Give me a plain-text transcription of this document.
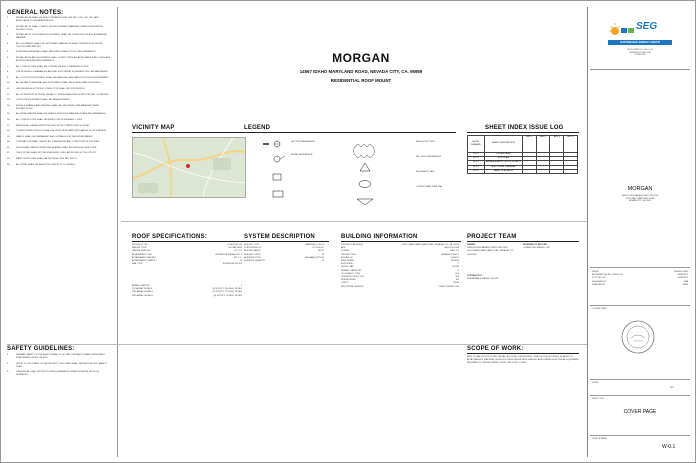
GENERAL NOTES:
1.	INSTALLATION SHALL BE IN ACCORDANCE WITH THE NEC, CEC, IRC, IBC, AND APPLICABLE LOCAL AMENDMENTS.
2.	INSTALLATION SHALL COMPLY WITH EQUIPMENT MANUFACTURER INSTALLATION INSTRUCTIONS.
3.	INSTALLATION OF EXTERIOR EQUIPMENT SHALL BE COMPLETED IN A WORKMANLIKE MANNER.
4.	ALL EQUIPMENT SHALL BE LISTED AND LABELED BY A RECOGNIZED ELECTRICAL TESTING LABORATORY.
5.	WORK AND MATERIALS SHALL MEET APPLICABLE UTILITY REQUIREMENTS.
6.	INSTALLATION AND EQUIPMENT SHALL COMPLY WITH ALL APPLICABLE FIRE CODES AND ACCESS PATHWAY REQUIREMENTS.
7.	ALL CONDUCTORS SHALL BE COPPER UNLESS OTHERWISE NOTED.
8.	THE WORKING CLEARANCES AROUND ELECTRICAL EQUIPMENT WILL BE MAINTAINED.
9.	ALL OUTDOOR EQUIPMENT SHALL BE RAINTIGHT AND RATED FOR THE ENVIRONMENT.
10.	ALL METALLIC RACEWAY AND EQUIPMENT SHALL BE BONDED AND GROUNDED.
11.	GROUNDING ELECTRODE CONDUCTOR SHALL BE CONTINUOUS.
12.	ALL EXTERIOR ELECTRICAL METALLIC TUBING SHALL BE LISTED FOR WET LOCATIONS.
13.	OUTDOOR EQUIPMENT SHALL BE NEMA 3R RATED.
14.	MODULE FRAMES AND RACKING SHALL BE GROUNDED PER MANUFACTURER INSTRUCTIONS.
15.	ALL ATTACHMENTS SHALL BE SEALED PER ROOF MANUFACTURER REQUIREMENTS.
16.	ALL CONDUCTORS SHALL BE RATED FOR 90 DEGREES C WET.
17.	REMOVE ALL DEBRIS FROM THE SITE UPON COMPLETION OF WORK.
18.	CONDUIT RUNS ON ROOF SHALL BE SUPPORTED AND KEPT ABOVE ROOF SURFACE.
19.	LABELS SHALL BE PERMANENT AND SUITABLE FOR THE ENVIRONMENT.
20.	CONTRACTOR SHALL VERIFY ALL DIMENSIONS AND CONDITIONS IN THE FIELD.
21.	SMOKE AND CARBON MONOXIDE ALARMS SHALL BE INSTALLED PER CODE.
22.	THE SYSTEM SHALL NOT BE ENERGIZED UNTIL APPROVED BY THE UTILITY.
23.	RAPID SHUTDOWN SHALL BE PROVIDED PER NEC 690.12.
24.	ALL WORK SHALL BE INSPECTED PRIOR TO COVERING.
MORGAN
14567 IDAHO MARYLAND ROAD, NEVADA CITY, CA. 95959
RESIDENTIAL ROOF MOUNT
VICINITY MAP	LEGEND
SECTION REFERENCE
DETAIL REFERENCE
REVISION CLOUD
KEY NOTE REFERENCE
EQUIPMENT TAG
CONDUIT AND WIRE TAG
SHEET INDEX ISSUE LOG
SHEET NUMBER
SHEET DESCRIPTION
REV 1	REV 2	REV 3	REV 4
W-0.1	COVER PAGE
W-1.1	SITE PLAN
W-2.1	ARRANGEMENT / ROOF DETAILS
W-3.1	ELECTRICAL DIAGRAM
W-4.1	LABEL PLACARDS
ROOF SPECIFICATIONS:
ROOFING TYPE	COMPOSITION
RAFTER TYPE	2x6 RAFTERS
RAFTER SPACING	24" O.C.
ATTACHMENT TYPE	IRONRIDGE FLASHFOOT 2
ATTACHMENT SPACING	48" O.C.
ATTACHMENT QUANTITY	35
RAIL TYPE	IRONRIDGE XR 100
ARRAY QUANTITY	1
1ST ARRAY DETAILS	(9) STRUCT. 180 DEG, 18 DEG
2ND ARRAY DETAILS	(5) STRUCT. 270 DEG, 18 DEG
3RD ARRAY DETAILS	(4) STRUCT. 90 DEG, 18 DEG
SYSTEM DESCRIPTION
MODULE TYPE	HANWHA Q.CELLS
SYSTEM SIZE DC	6.12 KW DC
MODULE WATTS	340 W
MODULE COUNT	18
INVERTER TYPE	ENPHASE IQ7PLUS
INVERTER QUANTITY	18
BUILDING INFORMATION
PROPERTY ADDRESS	14567 IDAHO MARYLAND ROAD, NEVADA CITY, CA. 95959
APN	006-071-07-000
ZONING	RA-1.5-X
JURISDICTION	NEVADA COUNTY
ELEVATION	2,400 FT
WIND SPEED	110 MPH
EXPOSURE	C
SNOW LOAD	30 PSF
SEISMIC CATEGORY	D
OCCUPANCY TYPE	R-3
CONSTRUCTION TYPE	V-B
SPRINKLERED	NO
UTILITY	PG&E
ELECTRICAL SERVICE	200A, 120/240V, 1PH
PROJECT TEAM
OWNER:
CAROLE MORGAN AND TERRY BROOKS
14567 IDAHO MARYLAND ROAD, NEVADA CITY, CA. 95959
CONTRACTOR:
SUSTAINABLE ENERGY GROUP
ENGINEER OF RECORD:
CONNECTED ENERGY, INC.
SAFETY GUIDELINES:
1.	PRIMARY SAFETY IS THE RESPONSIBILITY OF THE CONTRACTOR AND PERSONNEL PERFORMING WORK ON SITE.
2.	PRIOR TO THE START OF THE PROJECT, THE CREW SHALL REVIEW THE SITE SAFETY PLAN.
3.	OBSERVE ALL FALL PROTECTION REQUIREMENTS WHEN WORKING ON ROOF SURFACES.
SCOPE OF WORK:
NEW SOLAR PHOTOVOLTAIC INSTALLATION INCLUDING NEW COMPOSITION ROOFING, FLASHFOOT ATTACHMENTS, RACKING, MODULES, MICROINVERTERS, AND ALL ASSOCIATED ELECTRICAL EQUIPMENT REQUIRED TO INTERCONNECT WITH THE UTILITY GRID.
SEG
SUSTAINABLE ENERGY GROUP
CSLB 1033899 B, C-46 & C-10
WWW.SEGSOLAR.COM
530.889.0000
MORGAN
CAROLE MORGAN AND TERRY BROOKS
14567 IDAHO MARYLAND ROAD
NEVADA CITY, CA. 95959
ISSUE	ISSUED DATE
AS-PERMITTED BY CLIENT ON	04/08/2022
PLOTTED ON	04/08/2022
DESIGNED BY	SBA
DRAFTED BY	NWM
LICENSE STAMP
SCALE:
NTS
SHEET TITLE:
COVER PAGE
SHEET NUMBER:
W-0.1
